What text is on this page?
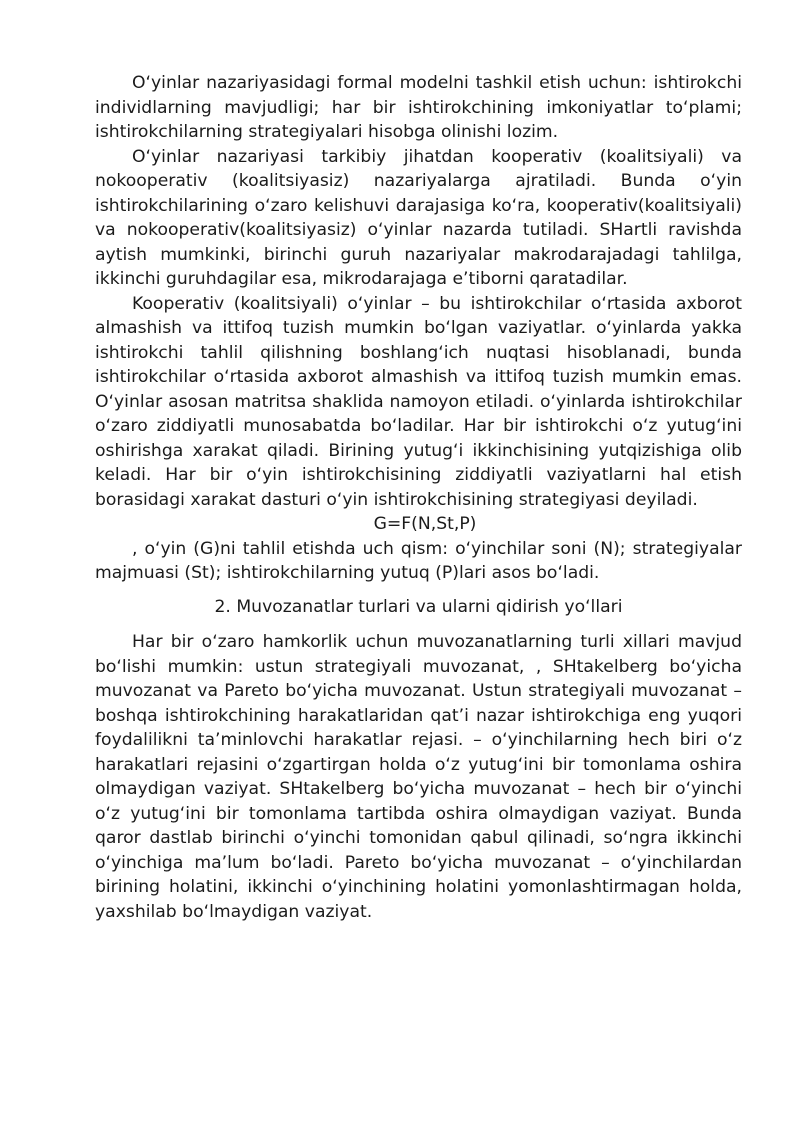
O‘yinlar nazariyasidagi formal modelni tashkil etish uchun: ishtirokchi individlarning mavjudligi; har bir ishtirokchining imkoniyatlar to‘plami; ishtirokchilarning strategiyalari hisobga olinishi lozim.

O‘yinlar nazariyasi tarkibiy jihatdan kooperativ (koalitsiyali) va nokooperativ (koalitsiyasiz) nazariyalarga ajratiladi. Bunda o‘yin ishtirokchilarining o‘zaro kelishuvi darajasiga ko‘ra, kooperativ(koalitsiyali) va nokooperativ(koalitsiyasiz) o‘yinlar nazarda tutiladi. SHartli ravishda aytish mumkinki, birinchi guruh nazariyalar makrodarajadagi tahlilga, ikkinchi guruhdagilar esa, mikrodarajaga e’tiborni qaratadilar.

Kooperativ (koalitsiyali) o‘yinlar – bu ishtirokchilar o‘rtasida axborot almashish va ittifoq tuzish mumkin bo‘lgan vaziyatlar. o‘yinlarda yakka ishtirokchi tahlil qilishning boshlang‘ich nuqtasi hisoblanadi, bunda ishtirokchilar o‘rtasida axborot almashish va ittifoq tuzish mumkin emas. O‘yinlar asosan matritsa shaklida namoyon etiladi. o‘yinlarda ishtirokchilar o‘zaro ziddiyatli munosabatda bo‘ladilar. Har bir ishtirokchi o‘z yutug‘ini oshirishga xarakat qiladi. Birining yutug‘i ikkinchisining yutqizishiga olib keladi. Har bir o‘yin ishtirokchisining ziddiyatli vaziyatlarni hal etish borasidagi xarakat dasturi o‘yin ishtirokchisining strategiyasi deyiladi.

G=F(N,St,P)

, o‘yin (G)ni tahlil etishda uch qism: o‘yinchilar soni (N); strategiyalar majmuasi (St); ishtirokchilarning yutuq (P)lari asos bo‘ladi.

2. Muvozanatlar turlari va ularni qidirish yo‘llari

Har bir o‘zaro hamkorlik uchun muvozanatlarning turli xillari mavjud bo‘lishi mumkin: ustun strategiyali muvozanat, , SHtakelberg bo‘yicha muvozanat va Pareto bo‘yicha muvozanat. Ustun strategiyali muvozanat – boshqa ishtirokchining harakatlaridan qat’i nazar ishtirokchiga eng yuqori foydalilikni ta’minlovchi harakatlar rejasi. – o‘yinchilarning hech biri o‘z harakatlari rejasini o‘zgartirgan holda o‘z yutug‘ini bir tomonlama oshira olmaydigan vaziyat. SHtakelberg bo‘yicha muvozanat – hech bir o‘yinchi o‘z yutug‘ini bir tomonlama tartibda oshira olmaydigan vaziyat. Bunda qaror dastlab birinchi o‘yinchi tomonidan qabul qilinadi, so‘ngra ikkinchi o‘yinchiga ma’lum bo‘ladi. Pareto bo‘yicha muvozanat – o‘yinchilardan birining holatini, ikkinchi o‘yinchining holatini yomonlashtirmagan holda, yaxshilab bo‘lmaydigan vaziyat.
